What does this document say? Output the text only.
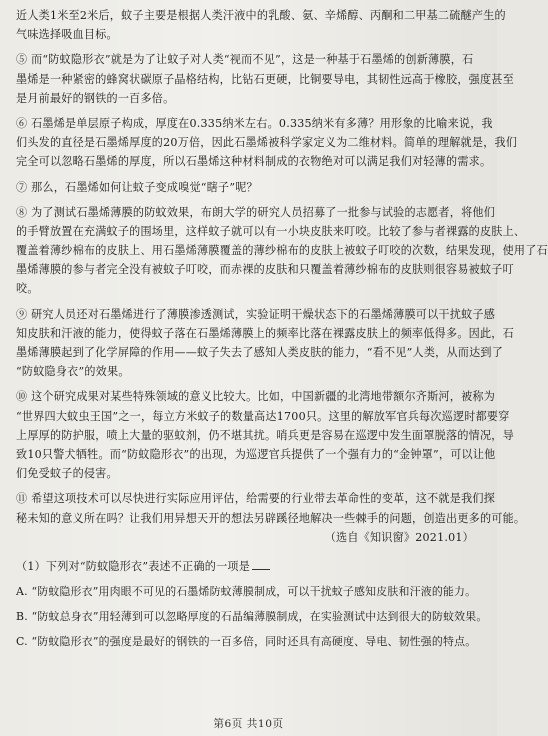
近人类1米至2米后，蚊子主要是根据人类汗液中的乳酸、氨、辛烯醇、丙酮和二甲基二硫醚产生的
气味选择吸血目标。
⑤ 而“防蚊隐形衣”就是为了让蚊子对人类“视而不见”，这是一种基于石墨烯的创新薄膜，石
墨烯是一种紧密的蜂窝状碳原子晶格结构，比钻石更硬，比铜要导电，其韧性远高于橡胶，强度甚至
是月前最好的钢铁的一百多倍。
⑥ 石墨烯是单层原子构成，厚度在0.335纳米左右。0.335纳米有多薄？用形象的比喻来说，我
们头发的直径是石墨烯厚度的20万倍，因此石墨烯被科学家定义为二维材料。简单的理解就是，我们
完全可以忽略石墨烯的厚度，所以石墨烯这种材料制成的衣物绝对可以满足我们对轻薄的需求。
⑦ 那么，石墨烯如何让蚊子变成嗅觉“瞎子”呢？
⑧ 为了测试石墨烯薄膜的防蚊效果，布朗大学的研究人员招募了一批参与试验的志愿者，将他们
的手臂放置在充满蚊子的围场里，这样蚊子就可以有一小块皮肤来叮咬。比较了参与者裸露的皮肤上、
覆盖着薄纱棉布的皮肤上、用石墨烯薄膜覆盖的薄纱棉布的皮肤上被蚊子叮咬的次数，结果发现，使用了石
墨烯薄膜的参与者完全没有被蚊子叮咬，而赤裸的皮肤和只覆盖着薄纱棉布的皮肤则很容易被蚊子叮
咬。
⑨ 研究人员还对石墨烯进行了薄膜渗透测试，实验证明干燥状态下的石墨烯薄膜可以干扰蚊子感
知皮肤和汗液的能力，使得蚊子落在石墨烯薄膜上的频率比落在裸露皮肤上的频率低得多。因此，石
墨烯薄膜起到了化学屏障的作用——蚊子失去了感知人类皮肤的能力，“看不见”人类，从而达到了
“防蚊隐身衣”的效果。
⑩ 这个研究成果对某些特殊领域的意义比较大。比如，中国新疆的北湾地带额尔齐斯河，被称为
“世界四大蚊虫王国”之一，每立方米蚊子的数量高达1700只。这里的解放军官兵每次巡逻时都要穿
上厚厚的防护服，喷上大量的驱蚊剂，仍不堪其扰。哨兵更是容易在巡逻中发生面罩脱落的情况，导
致10只警犬牺牲。而“防蚊隐形衣”的出现，为巡逻官兵提供了一个强有力的“金钟罩”，可以让他
们免受蚊子的侵害。
⑪ 希望这项技术可以尽快进行实际应用评估，给需要的行业带去革命性的变革，这不就是我们探
秘未知的意义所在吗？让我们用异想天开的想法另辟蹊径地解决一些棘手的问题，创造出更多的可能。
（选自《知识窗》2021.01）
（1）下列对“防蚊隐形衣”表述不正确的一项是
A. “防蚊隐形衣”用肉眼不可见的石墨烯防蚊薄膜制成，可以干扰蚊子感知皮肤和汗液的能力。
B. “防蚊总身衣”用轻薄到可以忽略厚度的石晶编薄膜制成，在实验测试中达到很大的防蚊效果。
C. “防蚊隐形衣”的强度是最好的钢铁的一百多倍，同时还具有高硬度、导电、韧性强的特点。
第6页 共10页
